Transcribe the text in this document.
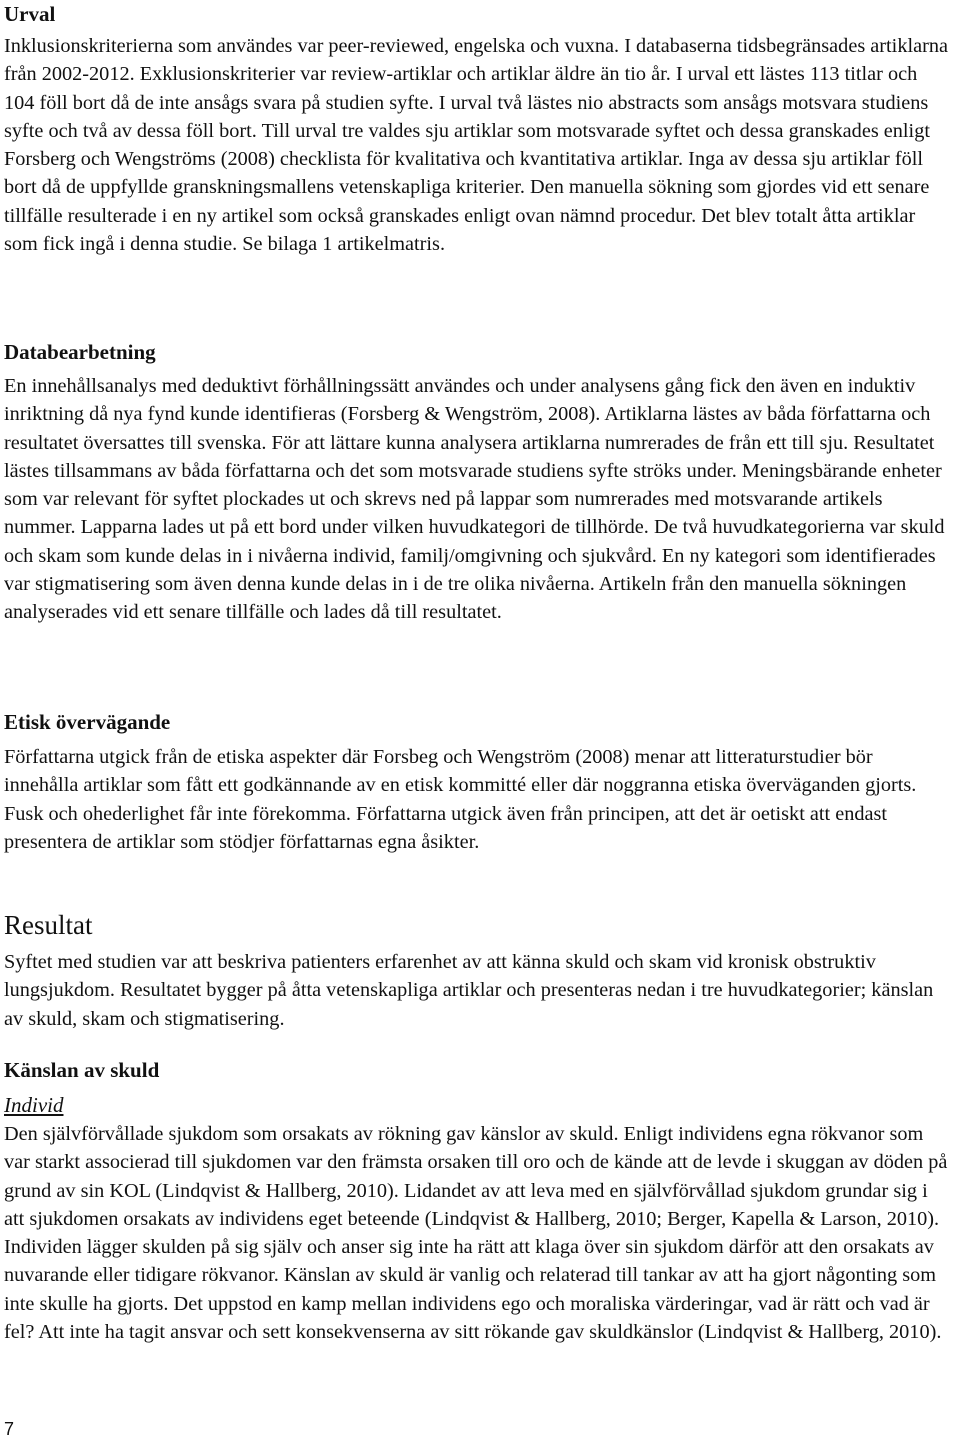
Urval

Inklusionskriterierna som användes var peer-reviewed, engelska och vuxna. I databaserna tidsbegränsades artiklarna från 2002-2012. Exklusionskriterier var review-artiklar och artiklar äldre än tio år. I urval ett lästes 113 titlar och 104 föll bort då de inte ansågs svara på studien syfte. I urval två lästes nio abstracts som ansågs motsvara studiens syfte och två av dessa föll bort. Till urval tre valdes sju artiklar som motsvarade syftet och dessa granskades enligt Forsberg och Wengströms (2008) checklista för kvalitativa och kvantitativa artiklar. Inga av dessa sju artiklar föll bort då de uppfyllde granskningsmallens vetenskapliga kriterier. Den manuella sökning som gjordes vid ett senare tillfälle resulterade i en ny artikel som också granskades enligt ovan nämnd procedur. Det blev totalt åtta artiklar som fick ingå i denna studie. Se bilaga 1 artikelmatris.

Databearbetning

En innehållsanalys med deduktivt förhållningssätt användes och under analysens gång fick den även en induktiv inriktning då nya fynd kunde identifieras (Forsberg & Wengström, 2008). Artiklarna lästes av båda författarna och resultatet översattes till svenska. För att lättare kunna analysera artiklarna numrerades de från ett till sju. Resultatet lästes tillsammans av båda författarna och det som motsvarade studiens syfte ströks under. Meningsbärande enheter som var relevant för syftet plockades ut och skrevs ned på lappar som numrerades med motsvarande artikels nummer. Lapparna lades ut på ett bord under vilken huvudkategori de tillhörde. De två huvudkategorierna var skuld och skam som kunde delas in i nivåerna individ, familj/omgivning och sjukvård. En ny kategori som identifierades var stigmatisering som även denna kunde delas in i de tre olika nivåerna. Artikeln från den manuella sökningen analyserades vid ett senare tillfälle och lades då till resultatet.

Etisk övervägande

Författarna utgick från de etiska aspekter där Forsbeg och Wengström (2008) menar att litteraturstudier bör innehålla artiklar som fått ett godkännande av en etisk kommitté eller där noggranna etiska överväganden gjorts. Fusk och ohederlighet får inte förekomma. Författarna utgick även från principen, att det är oetiskt att endast presentera de artiklar som stödjer författarnas egna åsikter.

Resultat

Syftet med studien var att beskriva patienters erfarenhet av att känna skuld och skam vid kronisk obstruktiv lungsjukdom. Resultatet bygger på åtta vetenskapliga artiklar och presenteras nedan i tre huvudkategorier; känslan av skuld, skam och stigmatisering.

Känslan av skuld
Individ

Den självförvållade sjukdom som orsakats av rökning gav känslor av skuld. Enligt individens egna rökvanor som var starkt associerad till sjukdomen var den främsta orsaken till oro och de kände att de levde i skuggan av döden på grund av sin KOL (Lindqvist & Hallberg, 2010). Lidandet av att leva med en självförvållad sjukdom grundar sig i att sjukdomen orsakats av individens eget beteende (Lindqvist & Hallberg, 2010; Berger, Kapella & Larson, 2010). Individen lägger skulden på sig själv och anser sig inte ha rätt att klaga över sin sjukdom därför att den orsakats av nuvarande eller tidigare rökvanor. Känslan av skuld är vanlig och relaterad till tankar av att ha gjort någonting som inte skulle ha gjorts. Det uppstod en kamp mellan individens ego och moraliska värderingar, vad är rätt och vad är fel? Att inte ha tagit ansvar och sett konsekvenserna av sitt rökande gav skuldkänslor (Lindqvist & Hallberg, 2010).

7
